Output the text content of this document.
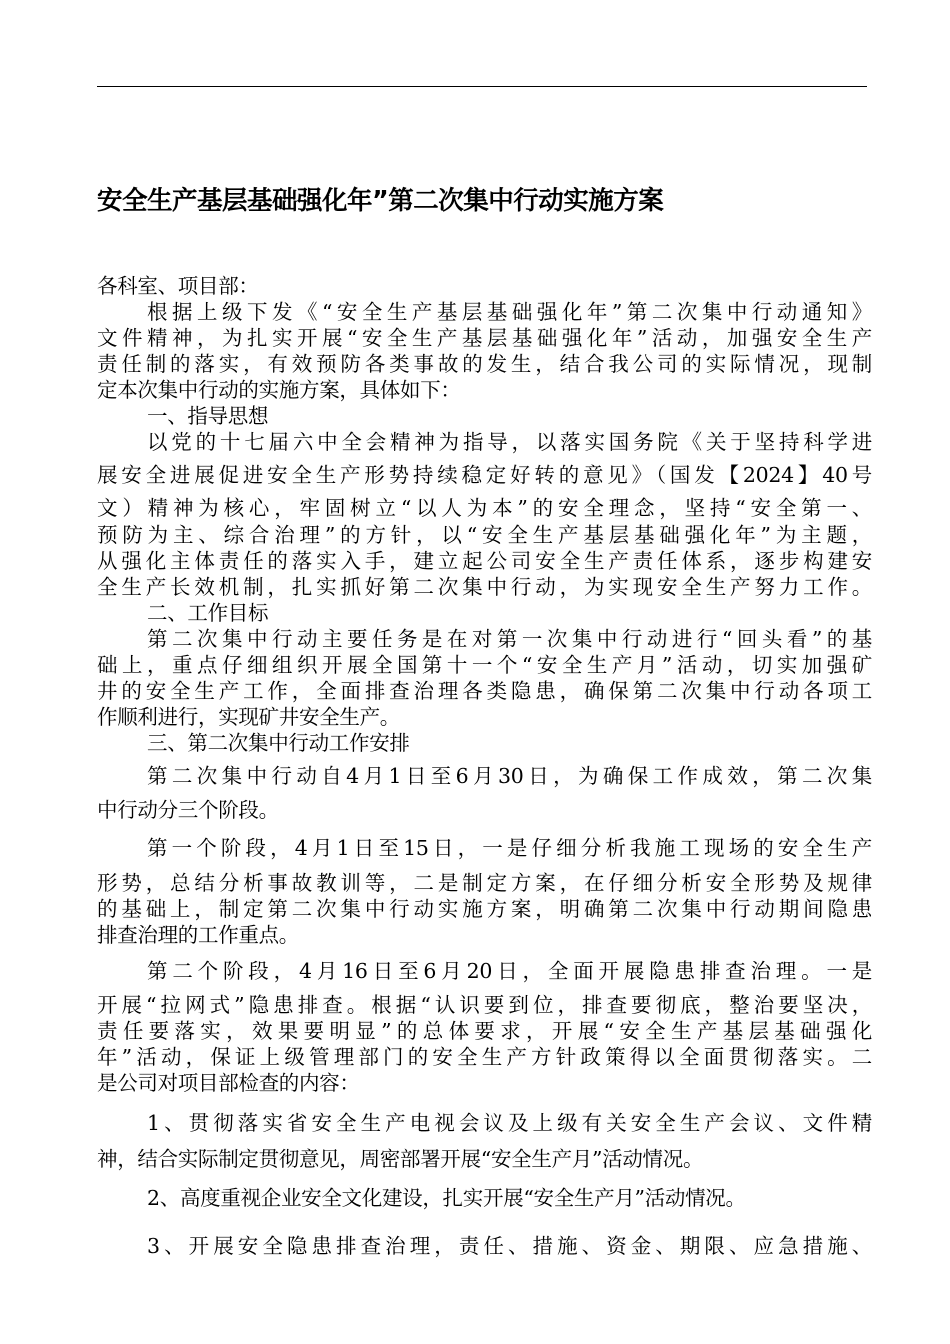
安全生产基层基础强化年”第二次集中行动实施方案
各科室、项目部：
根据上级下发《“安全生产基层基础强化年”第二次集中行动通知》
文件精神，为扎实开展“安全生产基层基础强化年”活动，加强安全生产
责任制的落实，有效预防各类事故的发生，结合我公司的实际情况，现制
定本次集中行动的实施方案，具体如下：
一、指导思想
以党的十七届六中全会精神为指导，以落实国务院《关于坚持科学进
展安全进展促进安全生产形势持续稳定好转的意见》（国发【2024】40号
文）精神为核心，牢固树立“以人为本”的安全理念，坚持“安全第一、
预防为主、综合治理”的方针，以“安全生产基层基础强化年”为主题，
从强化主体责任的落实入手，建立起公司安全生产责任体系，逐步构建安
全生产长效机制，扎实抓好第二次集中行动，为实现安全生产努力工作。
二、工作目标
第二次集中行动主要任务是在对第一次集中行动进行“回头看”的基
础上，重点仔细组织开展全国第十一个“安全生产月”活动，切实加强矿
井的安全生产工作，全面排查治理各类隐患，确保第二次集中行动各项工
作顺利进行，实现矿井安全生产。
三、第二次集中行动工作安排
第二次集中行动自4月1日至6月30日，为确保工作成效，第二次集
中行动分三个阶段。
第一个阶段，4月1日至15日，一是仔细分析我施工现场的安全生产
形势，总结分析事故教训等，二是制定方案，在仔细分析安全形势及规律
的基础上，制定第二次集中行动实施方案，明确第二次集中行动期间隐患
排查治理的工作重点。
第二个阶段，4月16日至6月20日，全面开展隐患排查治理。一是
开展“拉网式”隐患排查。根据“认识要到位，排查要彻底，整治要坚决，
责任要落实，效果要明显”的总体要求，开展“安全生产基层基础强化
年”活动，保证上级管理部门的安全生产方针政策得以全面贯彻落实。二
是公司对项目部检查的内容：
1、贯彻落实省安全生产电视会议及上级有关安全生产会议、文件精
神，结合实际制定贯彻意见，周密部署开展“安全生产月”活动情况。
2、高度重视企业安全文化建设，扎实开展“安全生产月”活动情况。
3、开展安全隐患排查治理，责任、措施、资金、期限、应急措施、
